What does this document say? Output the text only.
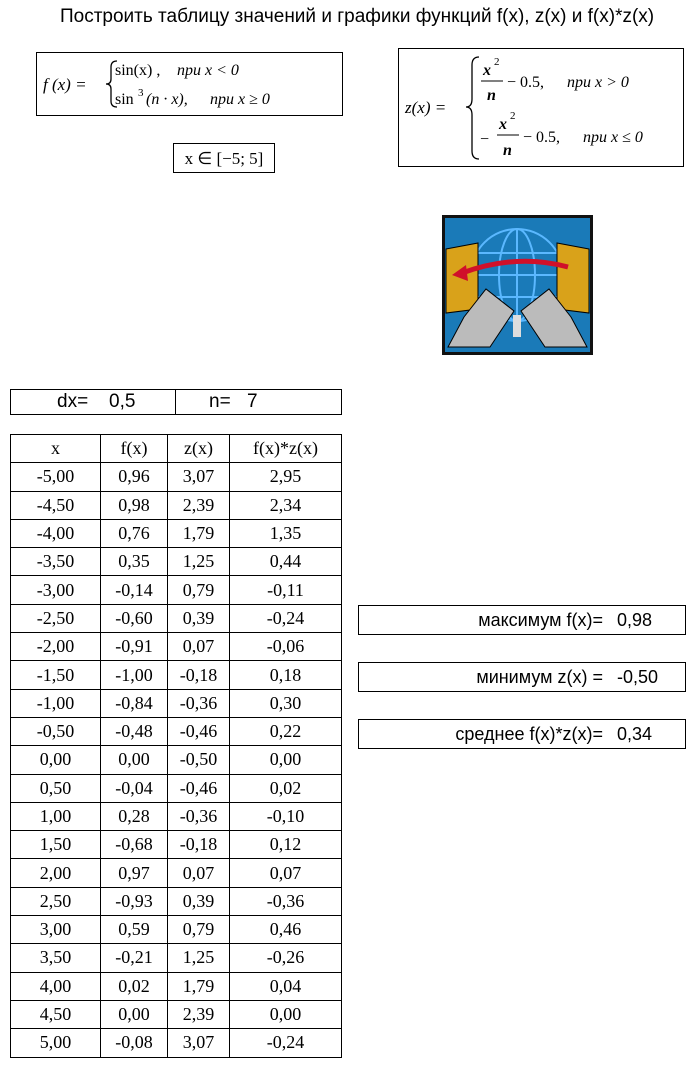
Построить таблицу значений и графики функций f(x), z(x) и f(x)*z(x)
f (x) =
sin(x) , при x < 0
sin 3 (n · x), при x ≥ 0	z(x) =
x 2
n
− 0.5, при x > 0
−
x 2
n
− 0.5, при x ≤ 0
x ∈ [−5; 5]
dx= 0,5	n= 7
x	f(x)	z(x)	f(x)*z(x)
-5,00	0,96	3,07	2,95
-4,50	0,98	2,39	2,34
-4,00	0,76	1,79	1,35
-3,50	0,35	1,25	0,44
-3,00	-0,14	0,79	-0,11
-2,50	-0,60	0,39	-0,24
-2,00	-0,91	0,07	-0,06
-1,50	-1,00	-0,18	0,18
-1,00	-0,84	-0,36	0,30
-0,50	-0,48	-0,46	0,22
0,00	0,00	-0,50	0,00
0,50	-0,04	-0,46	0,02
1,00	0,28	-0,36	-0,10
1,50	-0,68	-0,18	0,12
2,00	0,97	0,07	0,07
2,50	-0,93	0,39	-0,36
3,00	0,59	0,79	0,46
3,50	-0,21	1,25	-0,26
4,00	0,02	1,79	0,04
4,50	0,00	2,39	0,00
5,00	-0,08	3,07	-0,24
максимум f(x)= 0,98
минимум z(x) = -0,50
среднее f(x)*z(x)= 0,34
